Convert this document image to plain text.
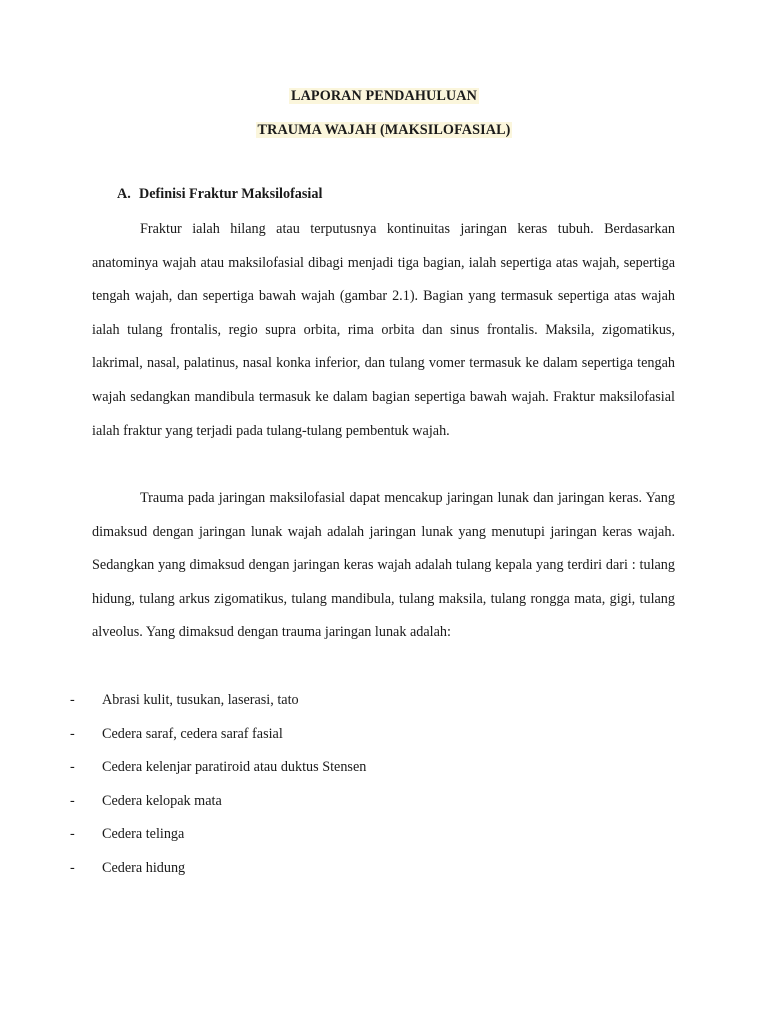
LAPORAN PENDAHULUAN
TRAUMA WAJAH (MAKSILOFASIAL)
A. Definisi Fraktur Maksilofasial

Fraktur ialah hilang atau terputusnya kontinuitas jaringan keras tubuh. Berdasarkan anatominya wajah atau maksilofasial dibagi menjadi tiga bagian, ialah sepertiga atas wajah, sepertiga tengah wajah, dan sepertiga bawah wajah (gambar 2.1). Bagian yang termasuk sepertiga atas wajah ialah tulang frontalis, regio supra orbita, rima orbita dan sinus frontalis. Maksila, zigomatikus, lakrimal, nasal, palatinus, nasal konka inferior, dan tulang vomer termasuk ke dalam sepertiga tengah wajah sedangkan mandibula termasuk ke dalam bagian sepertiga bawah wajah. Fraktur maksilofasial ialah fraktur yang terjadi pada tulang-tulang pembentuk wajah.

Trauma pada jaringan maksilofasial dapat mencakup jaringan lunak dan jaringan keras. Yang dimaksud dengan jaringan lunak wajah adalah jaringan lunak yang menutupi jaringan keras wajah. Sedangkan yang dimaksud dengan jaringan keras wajah adalah tulang kepala yang terdiri dari : tulang hidung, tulang arkus zigomatikus, tulang mandibula, tulang maksila, tulang rongga mata, gigi, tulang alveolus. Yang dimaksud dengan trauma jaringan lunak adalah:

- Abrasi kulit, tusukan, laserasi, tato
- Cedera saraf, cedera saraf fasial
- Cedera kelenjar paratiroid atau duktus Stensen
- Cedera kelopak mata
- Cedera telinga
- Cedera hidung
